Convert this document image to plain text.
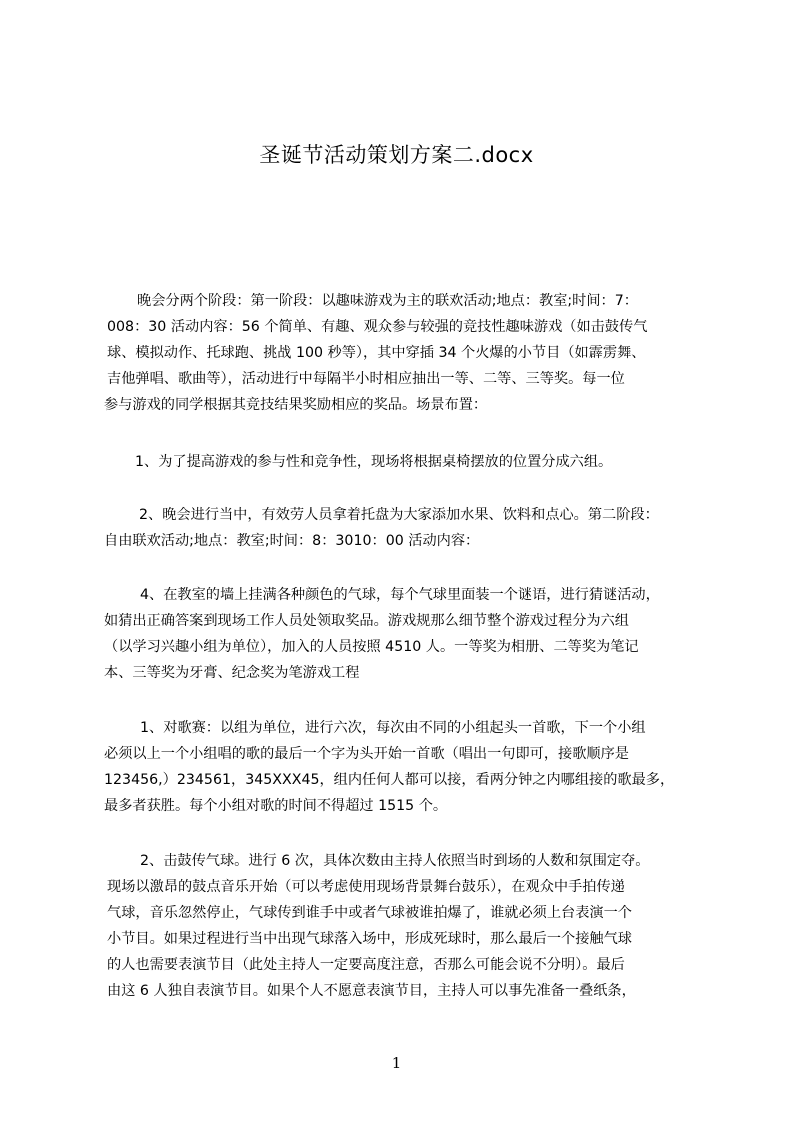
圣诞节活动策划方案二.docx
晚会分两个阶段：第一阶段：以趣味游戏为主的联欢活动;地点：教室;时间：7：
008：30 活动内容：56 个简单、有趣、观众参与较强的竞技性趣味游戏（如击鼓传气
球、模拟动作、托球跑、挑战 100 秒等），其中穿插 34 个火爆的小节目（如霹雳舞、
吉他弹唱、歌曲等），活动进行中每隔半小时相应抽出一等、二等、三等奖。每一位
参与游戏的同学根据其竞技结果奖励相应的奖品。场景布置：
1、为了提高游戏的参与性和竞争性，现场将根据桌椅摆放的位置分成六组。
2、晚会进行当中，有效劳人员拿着托盘为大家添加水果、饮料和点心。第二阶段：
自由联欢活动;地点：教室;时间：8：3010：00 活动内容：
4、在教室的墙上挂满各种颜色的气球，每个气球里面装一个谜语，进行猜谜活动，
如猜出正确答案到现场工作人员处领取奖品。游戏规那么细节整个游戏过程分为六组
（以学习兴趣小组为单位），加入的人员按照 4510 人。一等奖为相册、二等奖为笔记
本、三等奖为牙膏、纪念奖为笔游戏工程
1、对歌赛：以组为单位，进行六次，每次由不同的小组起头一首歌，下一个小组
必须以上一个小组唱的歌的最后一个字为头开始一首歌（唱出一句即可，接歌顺序是
123456,）234561，345XXX45，组内任何人都可以接，看两分钟之内哪组接的歌最多，
最多者获胜。每个小组对歌的时间不得超过 1515 个。
2、击鼓传气球。进行 6 次，具体次数由主持人依照当时到场的人数和氛围定夺。
现场以激昂的鼓点音乐开始（可以考虑使用现场背景舞台鼓乐），在观众中手拍传递
气球，音乐忽然停止，气球传到谁手中或者气球被谁拍爆了，谁就必须上台表演一个
小节目。如果过程进行当中出现气球落入场中，形成死球时，那么最后一个接触气球
的人也需要表演节目（此处主持人一定要高度注意，否那么可能会说不分明）。最后
由这 6 人独自表演节目。如果个人不愿意表演节目，主持人可以事先准备一叠纸条，
1
